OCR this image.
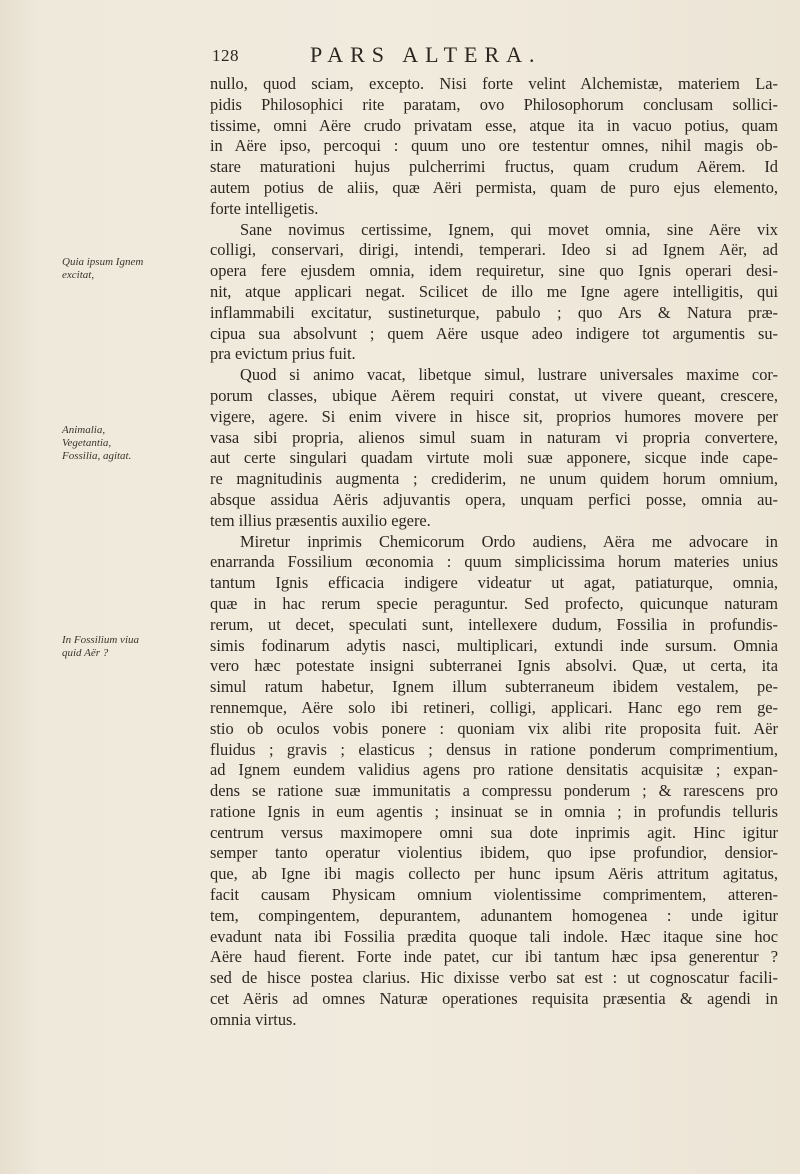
128	PARS ALTERA.
Quia ipsum Ignem excitat,
Animalia, Vegetantia, Fossilia, agitat.
In Fossilium viua quid Aër ?
nullo, quod sciam, excepto. Nisi forte velint Alchemistæ, materiem La-
pidis Philosophici rite paratam, ovo Philosophorum conclusam sollici-
tissime, omni Aëre crudo privatam esse, atque ita in vacuo potius, quam
in Aëre ipso, percoqui : quum uno ore testentur omnes, nihil magis ob-
stare maturationi hujus pulcherrimi fructus, quam crudum Aërem. Id
autem potius de aliis, quæ Aëri permista, quam de puro ejus elemento,
forte intelligetis.
Sane novimus certissime, Ignem, qui movet omnia, sine Aëre vix
colligi, conservari, dirigi, intendi, temperari. Ideo si ad Ignem Aër, ad
opera fere ejusdem omnia, idem requiretur, sine quo Ignis operari desi-
nit, atque applicari negat. Scilicet de illo me Igne agere intelligitis, qui
inflammabili excitatur, sustineturque, pabulo ; quo Ars & Natura præ-
cipua sua absolvunt ; quem Aëre usque adeo indigere tot argumentis su-
pra evictum prius fuit.
Quod si animo vacat, libetque simul, lustrare universales maxime cor-
porum classes, ubique Aërem requiri constat, ut vivere queant, crescere,
vigere, agere. Si enim vivere in hisce sit, proprios humores movere per
vasa sibi propria, alienos simul suam in naturam vi propria convertere,
aut certe singulari quadam virtute moli suæ apponere, sicque inde cape-
re magnitudinis augmenta ; crediderim, ne unum quidem horum omnium,
absque assidua Aëris adjuvantis opera, unquam perfici posse, omnia au-
tem illius præsentis auxilio egere.
Miretur inprimis Chemicorum Ordo audiens, Aëra me advocare in
enarranda Fossilium œconomia : quum simplicissima horum materies unius
tantum Ignis efficacia indigere videatur ut agat, patiaturque, omnia,
quæ in hac rerum specie peraguntur. Sed profecto, quicunque naturam
rerum, ut decet, speculati sunt, intellexere dudum, Fossilia in profundis-
simis fodinarum adytis nasci, multiplicari, extundi inde sursum. Omnia
vero hæc potestate insigni subterranei Ignis absolvi. Quæ, ut certa, ita
simul ratum habetur, Ignem illum subterraneum ibidem vestalem, pe-
rennemque, Aëre solo ibi retineri, colligi, applicari. Hanc ego rem ge-
stio ob oculos vobis ponere : quoniam vix alibi rite proposita fuit. Aër
fluidus ; gravis ; elasticus ; densus in ratione ponderum comprimentium,
ad Ignem eundem validius agens pro ratione densitatis acquisitæ ; expan-
dens se ratione suæ immunitatis a compressu ponderum ; & rarescens pro
ratione Ignis in eum agentis ; insinuat se in omnia ; in profundis telluris
centrum versus maximopere omni sua dote inprimis agit. Hinc igitur
semper tanto operatur violentius ibidem, quo ipse profundior, densior-
que, ab Igne ibi magis collecto per hunc ipsum Aëris attritum agitatus,
facit causam Physicam omnium violentissime comprimentem, atteren-
tem, compingentem, depurantem, adunantem homogenea : unde igitur
evadunt nata ibi Fossilia prædita quoque tali indole. Hæc itaque sine hoc
Aëre haud fierent. Forte inde patet, cur ibi tantum hæc ipsa generentur ?
sed de hisce postea clarius. Hic dixisse verbo sat est : ut cognoscatur facili-
cet Aëris ad omnes Naturæ operationes requisita præsentia & agendi in
omnia virtus.
